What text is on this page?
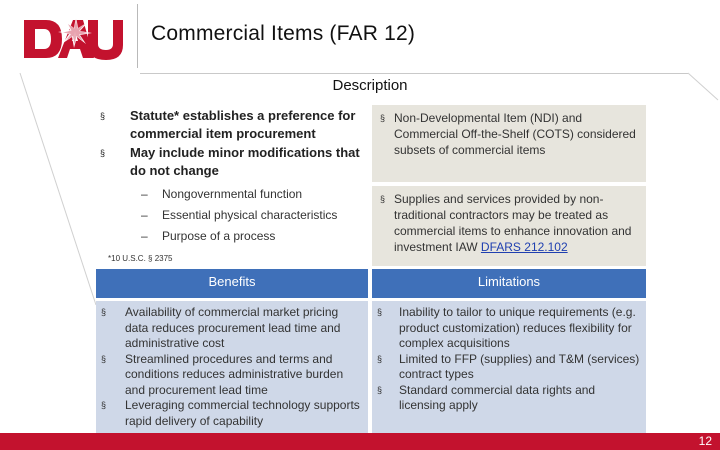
Commercial Items (FAR 12)
Description
§ Statute* establishes a preference for commercial item procurement
§ May include minor modifications that do not change
– Nongovernmental function
– Essential physical characteristics
– Purpose of a process
*10 U.S.C. § 2375
§ Non-Developmental Item (NDI) and Commercial Off-the-Shelf (COTS) considered subsets of commercial items
§ Supplies and services provided by non-traditional contractors may be treated as commercial items to enhance innovation and investment IAW DFARS 212.102
Benefits	Limitations
§ Availability of commercial market pricing data reduces procurement lead time and administrative cost
§ Streamlined procedures and terms and conditions reduces administrative burden and procurement lead time
§ Leveraging commercial technology supports rapid delivery of capability
§ Inability to tailor to unique requirements (e.g. product customization) reduces flexibility for complex acquisitions
§ Limited to FFP (supplies) and T&M (services) contract types
§ Standard commercial data rights and licensing apply
12
